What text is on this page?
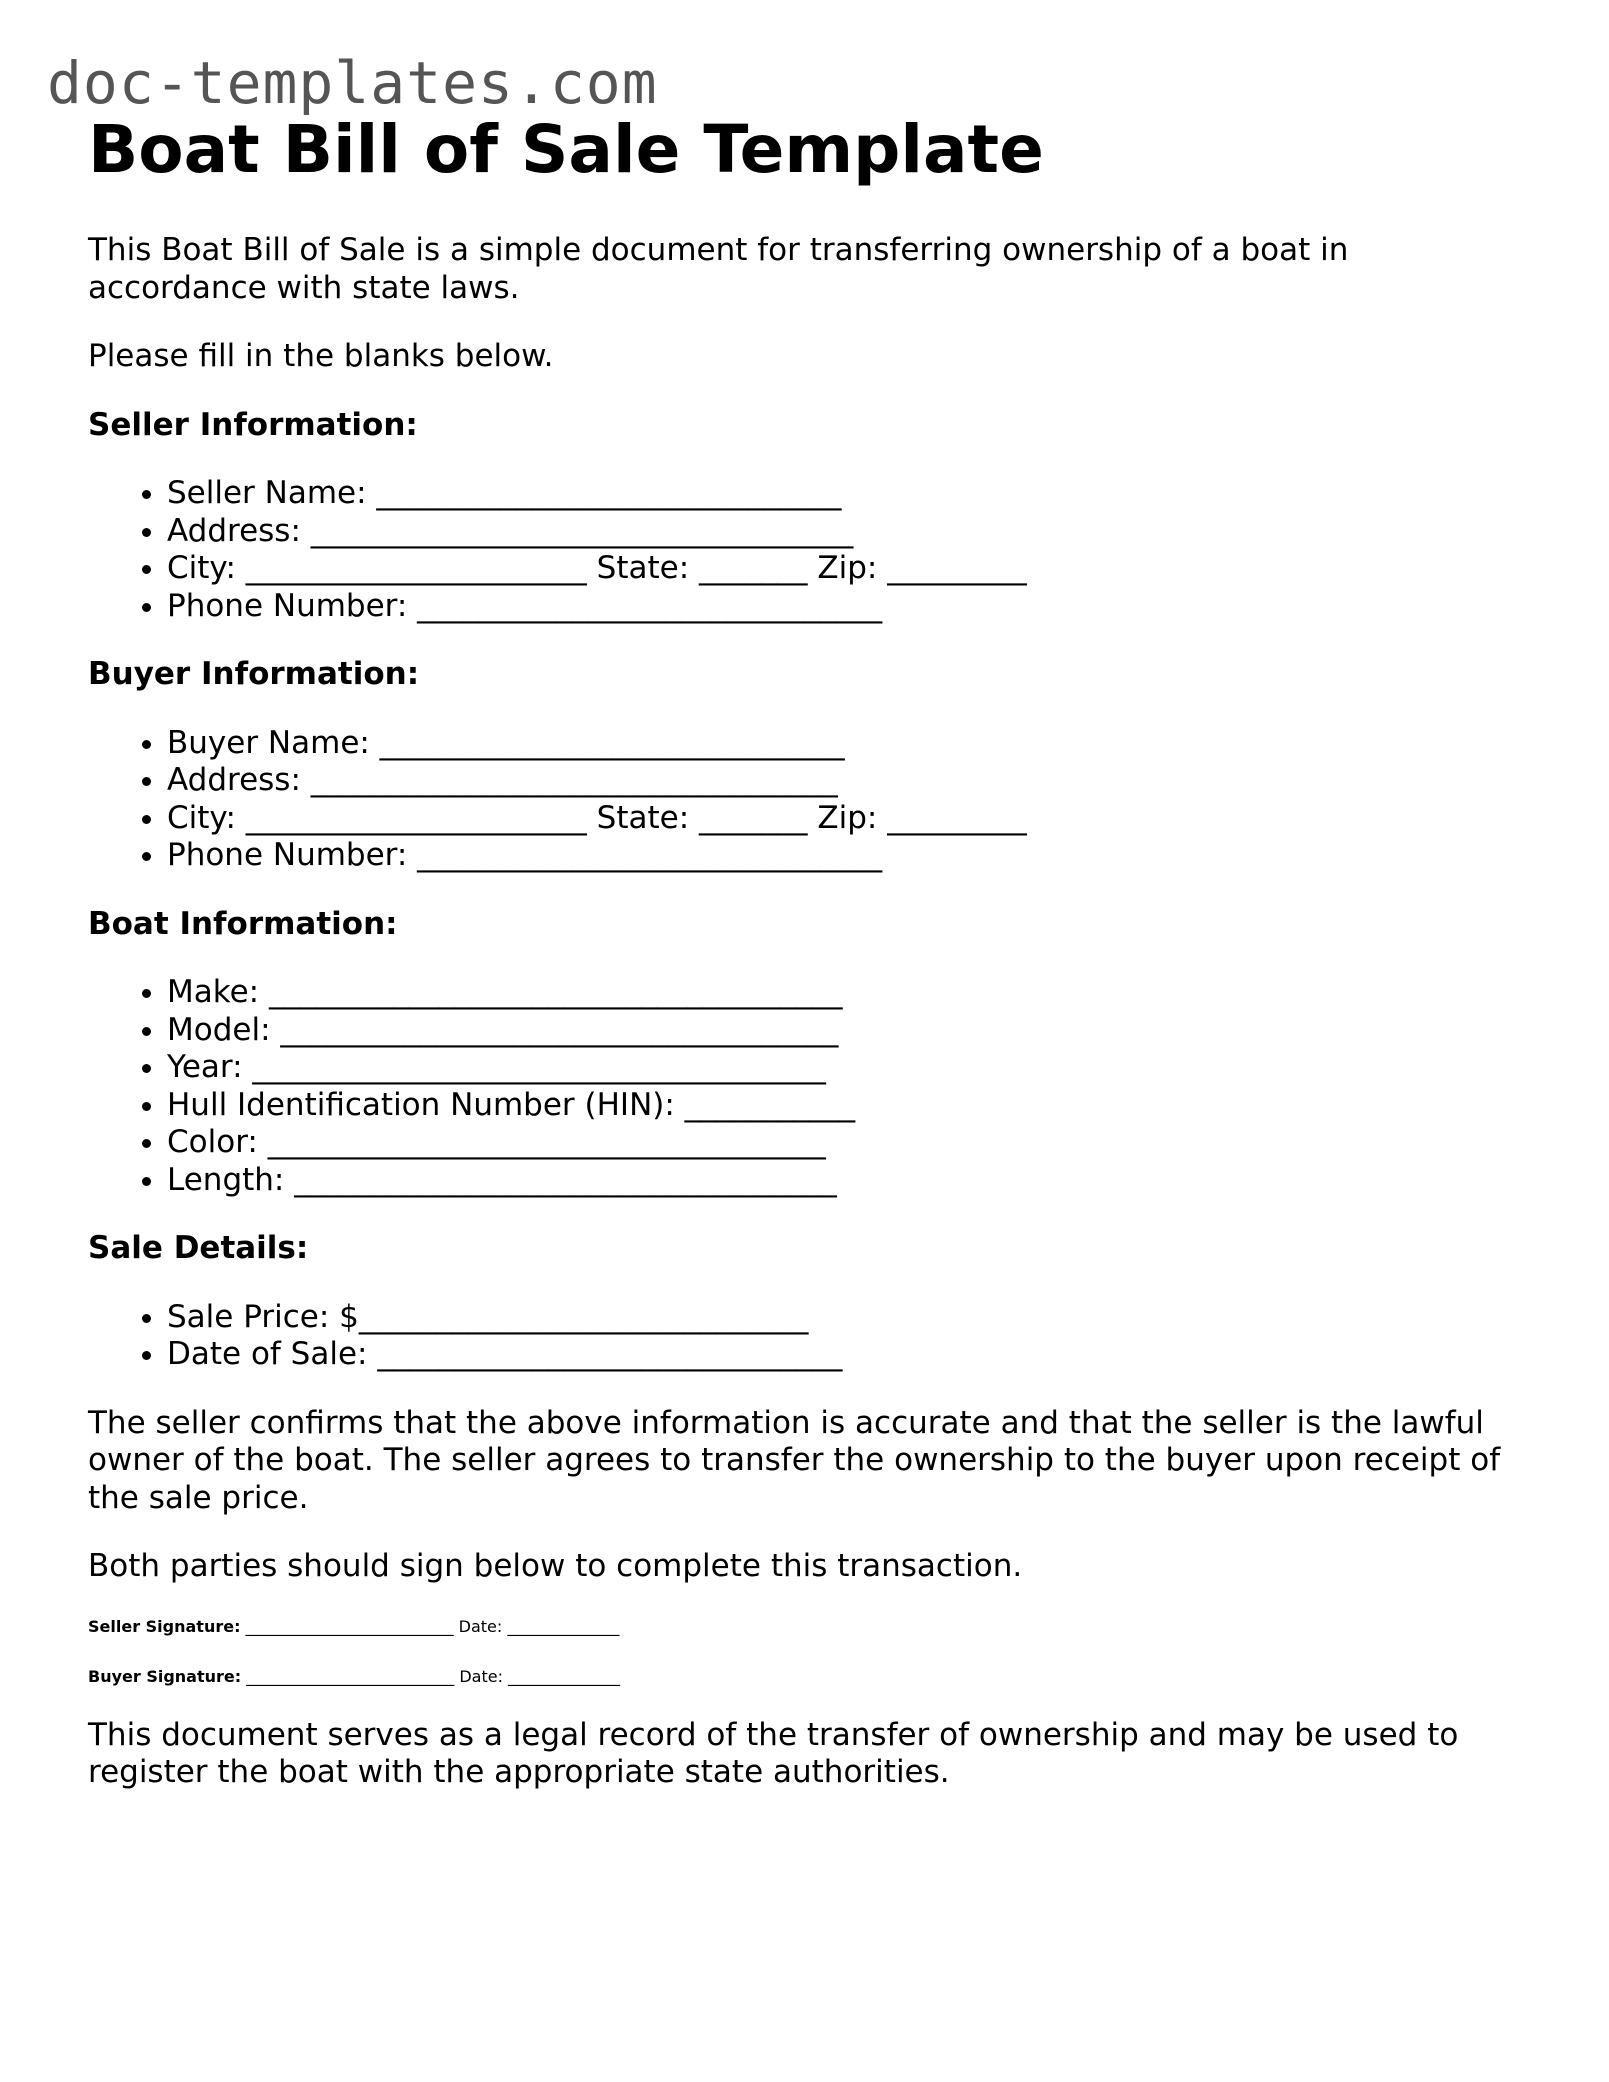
doc-templates.com
Boat Bill of Sale Template

This Boat Bill of Sale is a simple document for transferring ownership of a boat in accordance with state laws.

Please fill in the blanks below.

Seller Information:
• Seller Name: ______________________________
• Address: ___________________________________
• City: ______________________ State: _______ Zip: _________
• Phone Number: ______________________________
Buyer Information:
• Buyer Name: ______________________________
• Address: __________________________________
• City: ______________________ State: _______ Zip: _________
• Phone Number: ______________________________
Boat Information:
• Make: _____________________________________
• Model: ____________________________________
• Year: _____________________________________
• Hull Identification Number (HIN): ___________
• Color: ____________________________________
• Length: ___________________________________
Sale Details:
• Sale Price: $_____________________________
• Date of Sale: ______________________________

The seller confirms that the above information is accurate and that the seller is the lawful owner of the boat. The seller agrees to transfer the ownership to the buyer upon receipt of the sale price.

Both parties should sign below to complete this transaction.

Seller Signature: __________________________ Date: ______________
Buyer Signature: __________________________ Date: ______________

This document serves as a legal record of the transfer of ownership and may be used to register the boat with the appropriate state authorities.
